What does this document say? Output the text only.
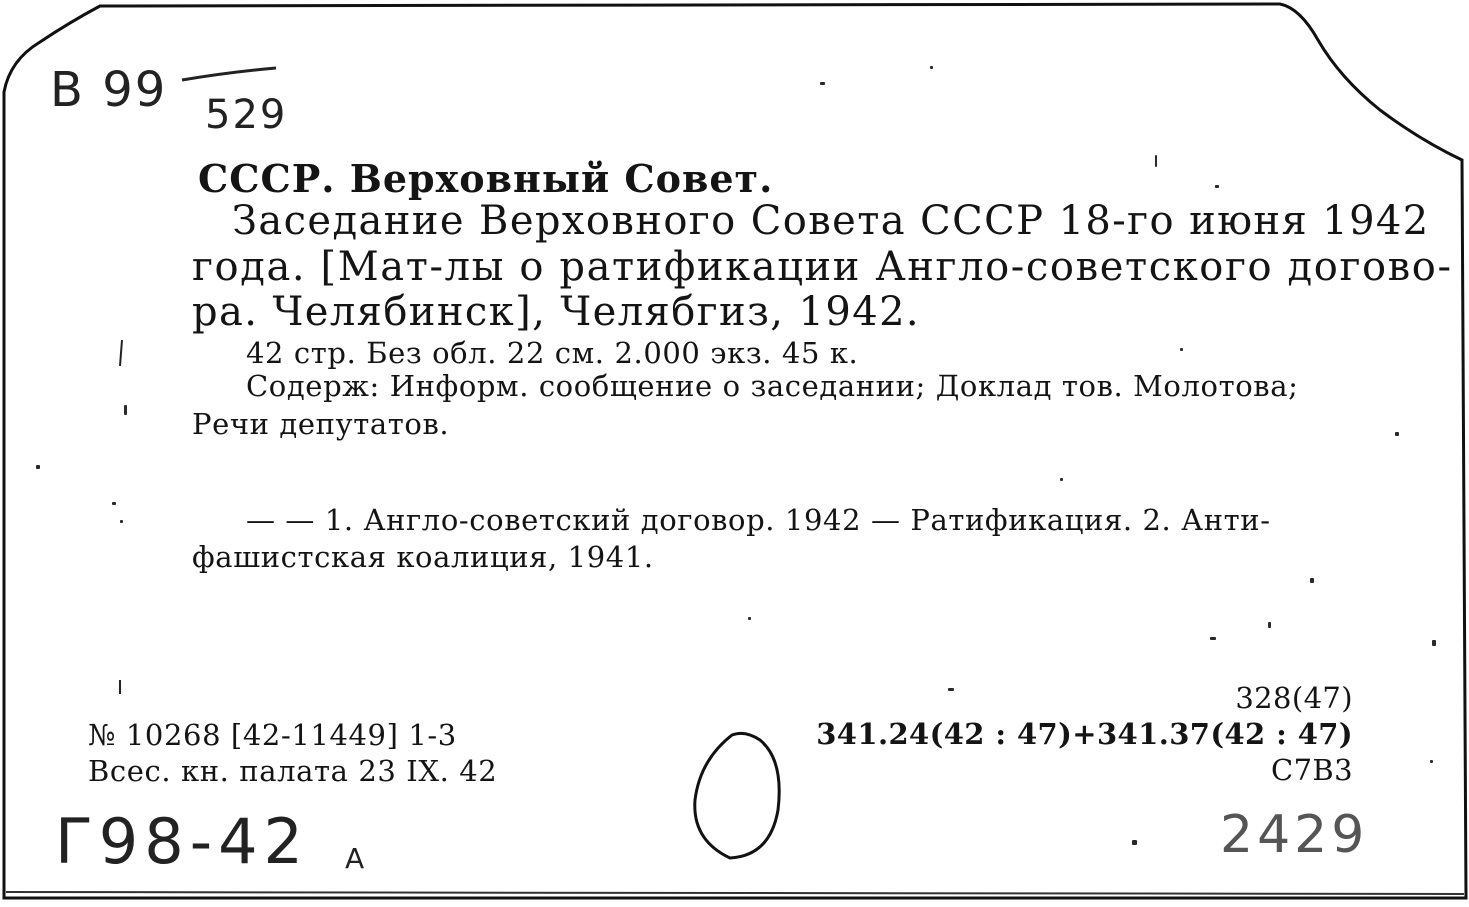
B 99 529
Г98-42 A	2429
СССР. Верховный Совет.
Заседание Верховного Совета СССР 18-го июня 1942
года. [Мат-лы о ратификации Англо-советского догово-
ра. Челябинск], Челябгиз, 1942.
42 стр. Без обл. 22 см. 2.000 экз. 45 к.
Содерж: Информ. сообщение о заседании; Доклад тов. Молотова;
Речи депутатов.
— — 1. Англо-советский договор. 1942 — Ратификация. 2. Анти-
фашистская коалиция, 1941.
№ 10268 [42-11449] 1-3
Всес. кн. палата 23 IX. 42
328(47)
341.24(42 : 47)+341.37(42 : 47)
С7В3
